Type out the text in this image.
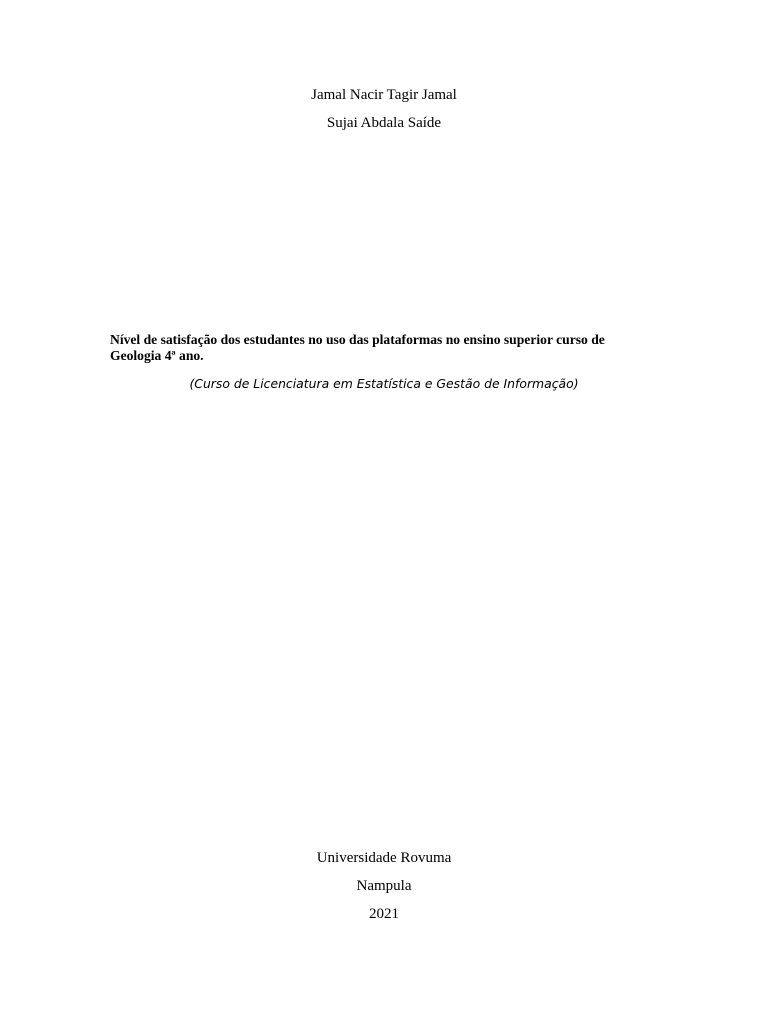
Jamal Nacir Tagir Jamal
Sujai Abdala Saíde
Nível de satisfação dos estudantes no uso das plataformas no ensino superior curso de
Geologia 4ª ano.
(Curso de Licenciatura em Estatística e Gestão de Informação)
Universidade Rovuma
Nampula
2021
